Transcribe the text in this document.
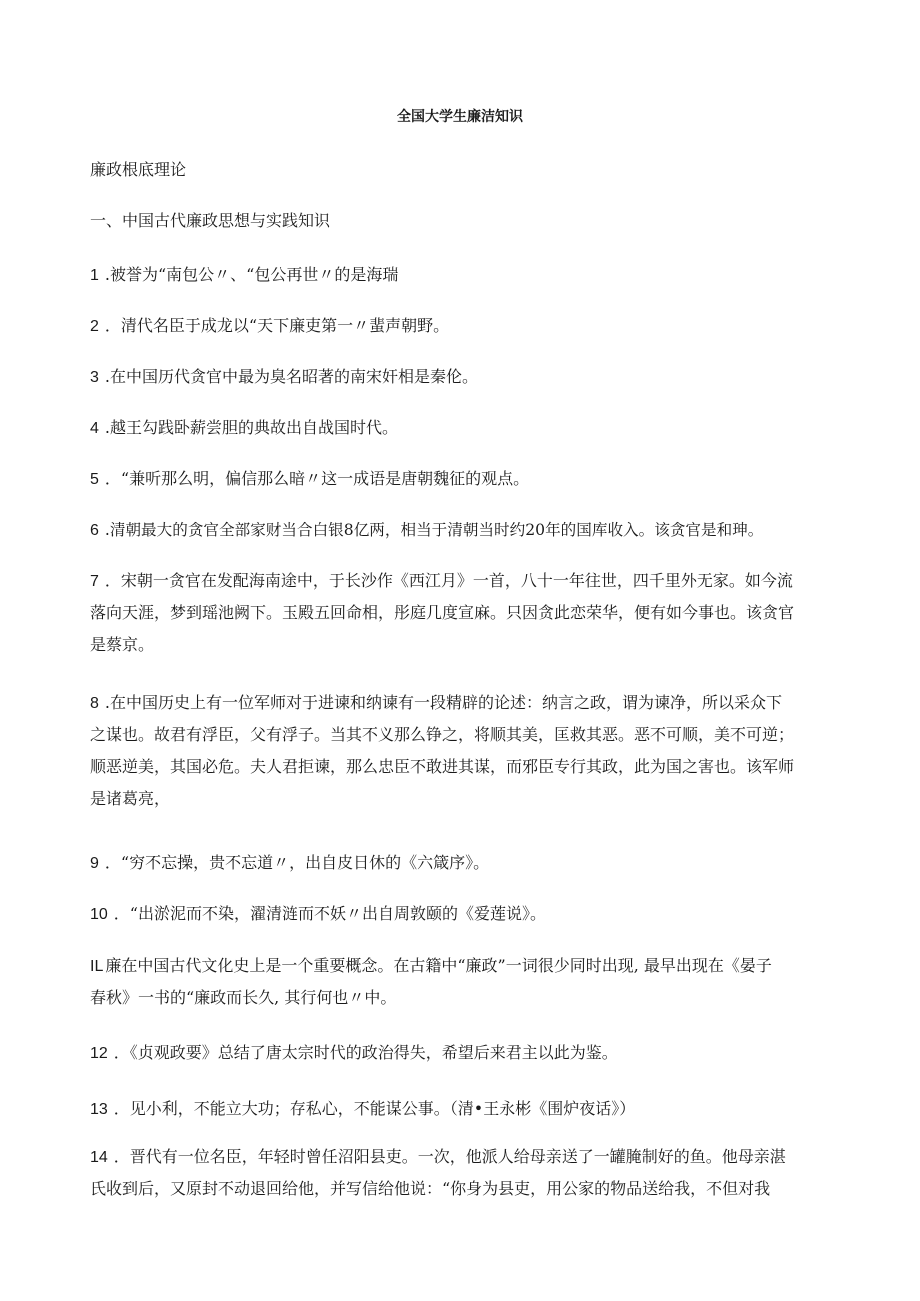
全国大学生廉洁知识
廉政根底理论
一、中国古代廉政思想与实践知识
1 .被誉为“南包公〃、“包公再世〃的是海瑞
2 ．清代名臣于成龙以“天下廉吏第一〃蜚声朝野。
3 .在中国历代贪官中最为臭名昭著的南宋奸相是秦伦。
4 .越王勾践卧薪尝胆的典故出自战国时代。
5 ．“兼听那么明，偏信那么暗〃这一成语是唐朝魏征的观点。
6 .清朝最大的贪官全部家财当合白银8亿两，相当于清朝当时约20年的国库收入。该贪官是和珅。
7 ．宋朝一贪官在发配海南途中，于长沙作《西江月》一首，八十一年往世，四千里外无家。如今流
落向天涯，梦到瑶池阙下。玉殿五回命相，彤庭几度宣麻。只因贪此恋荣华，便有如今事也。该贪官
是蔡京。
8 .在中国历史上有一位军师对于进谏和纳谏有一段精辟的论述：纳言之政，谓为谏净，所以采众下
之谋也。故君有浮臣，父有浮子。当其不义那么铮之，将顺其美，匡救其恶。恶不可顺，美不可逆；
顺恶逆美，其国必危。夫人君拒谏，那么忠臣不敢进其谋，而邪臣专行其政，此为国之害也。该军师
是诸葛亮，
9 ．“穷不忘操，贵不忘道〃，出自皮日休的《六箴序》。
10 ．“出淤泥而不染，濯清涟而不妖〃出自周敦颐的《爱莲说》。
IL 廉在中国古代文化史上是一个重要概念。在古籍中“廉政”一词很少同时出现, 最早出现在《晏子
春秋》一书的“廉政而长久, 其行何也〃中。
12 ．《贞观政要》总结了唐太宗时代的政治得失，希望后来君主以此为鉴。
13 ．见小利，不能立大功；存私心，不能谋公事。（清•王永彬《围炉夜话》）
14 ．晋代有一位名臣，年轻时曾任沼阳县吏。一次，他派人给母亲送了一罐腌制好的鱼。他母亲湛
氏收到后，又原封不动退回给他，并写信给他说：“你身为县吏，用公家的物品送给我，不但对我
